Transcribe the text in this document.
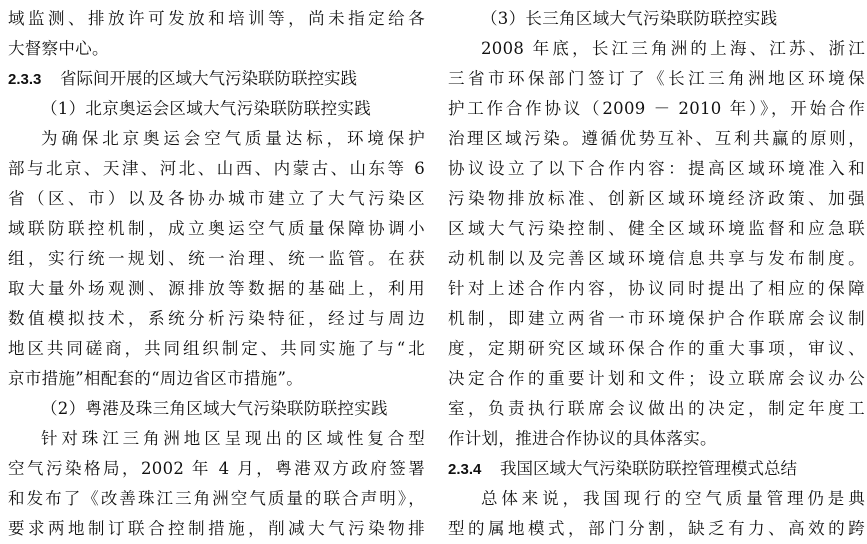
域监测、排放许可发放和培训等，尚未指定给各
大督察中心。
2.3.3 省际间开展的区域大气污染联防联控实践
（1）北京奥运会区域大气污染联防联控实践
为确保北京奥运会空气质量达标，环境保护
部与北京、天津、河北、山西、内蒙古、山东等 6
省（区、市）以及各协办城市建立了大气污染区
域联防联控机制，成立奥运空气质量保障协调小
组，实行统一规划、统一治理、统一监管。在获
取大量外场观测、源排放等数据的基础上，利用
数值模拟技术，系统分析污染特征，经过与周边
地区共同磋商，共同组织制定、共同实施了与“北
京市措施”相配套的“周边省区市措施”。
（2）粤港及珠三角区域大气污染联防联控实践
针对珠江三角洲地区呈现出的区域性复合型
空气污染格局，2002 年 4 月，粤港双方政府签署
和发布了《改善珠江三角洲空气质量的联合声明》，
要求两地制订联合控制措施，削减大气污染物排
（3）长三角区域大气污染联防联控实践
2008 年底，长江三角洲的上海、江苏、浙江
三省市环保部门签订了《长江三角洲地区环境保
护工作合作协议（2009 － 2010 年）》，开始合作
治理区域污染。遵循优势互补、互利共赢的原则，
协议设立了以下合作内容：提高区域环境准入和
污染物排放标准、创新区域环境经济政策、加强
区域大气污染控制、健全区域环境监督和应急联
动机制以及完善区域环境信息共享与发布制度。
针对上述合作内容，协议同时提出了相应的保障
机制，即建立两省一市环境保护合作联席会议制
度，定期研究区域环保合作的重大事项，审议、
决定合作的重要计划和文件；设立联席会议办公
室，负责执行联席会议做出的决定，制定年度工
作计划，推进合作协议的具体落实。
2.3.4 我国区域大气污染联防联控管理模式总结
总体来说，我国现行的空气质量管理仍是典
型的属地模式，部门分割，缺乏有力、高效的跨
